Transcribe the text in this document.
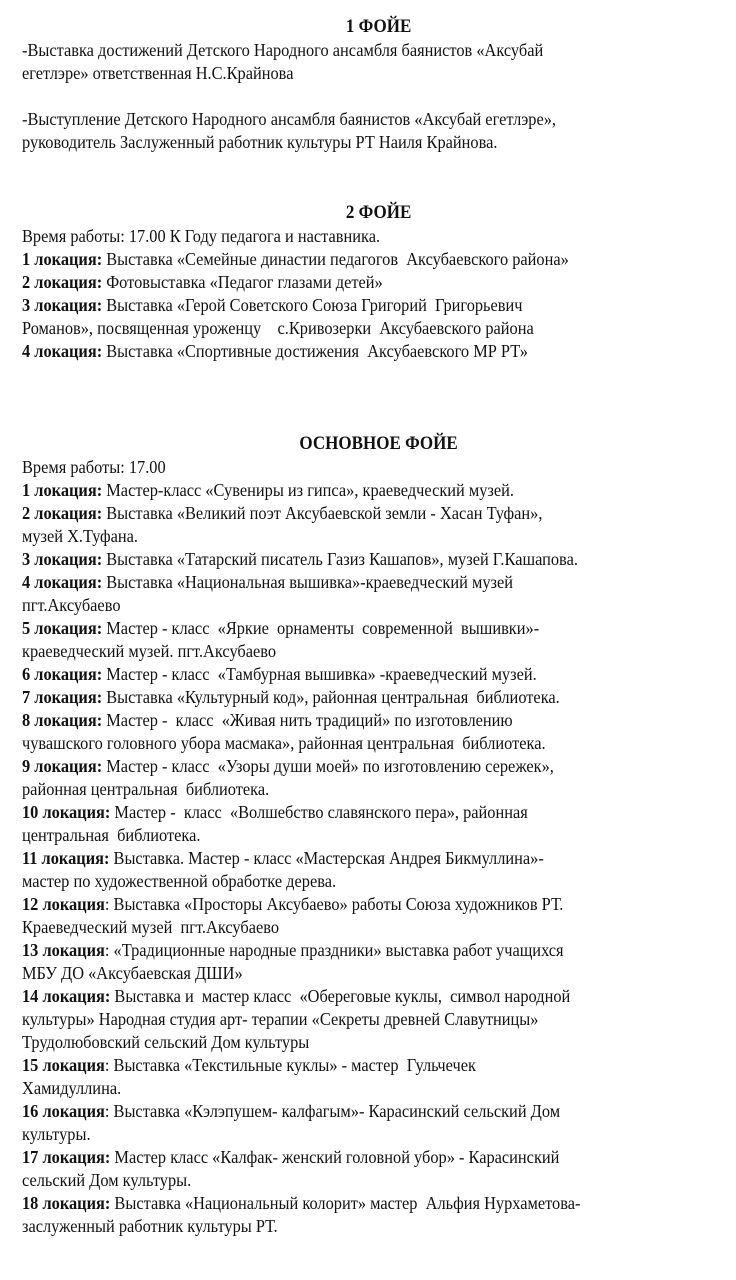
1 ФОЙЕ
-Выставка достижений Детского Народного ансамбля баянистов «Аксубай
егетлэре» ответственная Н.С.Крайнова
-Выступление Детского Народного ансамбля баянистов «Аксубай егетлэре»,
руководитель Заслуженный работник культуры РТ Наиля Крайнова.
2 ФОЙЕ
Время работы: 17.00 К Году педагога и наставника.
1 локация: Выставка «Семейные династии педагогов  Аксубаевского района»
2 локация: Фотовыставка «Педагог глазами детей»
3 локация: Выставка «Герой Советского Союза Григорий  Григорьевич
Романов», посвященная уроженцу    с.Кривозерки  Аксубаевского района
4 локация: Выставка «Спортивные достижения  Аксубаевского МР РТ»
ОСНОВНОЕ ФОЙЕ
Время работы: 17.00
1 локация: Мастер-класс «Сувениры из гипса», краеведческий музей.
2 локация: Выставка «Великий поэт Аксубаевской земли - Хасан Туфан»,
музей Х.Туфана.
3 локация: Выставка «Татарский писатель Газиз Кашапов», музей Г.Кашапова.
4 локация: Выставка «Национальная вышивка»-краеведческий музей
пгт.Аксубаево
5 локация: Мастер - класс  «Яркие  орнаменты  современной  вышивки»-
краеведческий музей. пгт.Аксубаево
6 локация: Мастер - класс  «Тамбурная вышивка» -краеведческий музей.
7 локация: Выставка «Культурный код», районная центральная  библиотека.
8 локация: Мастер -  класс  «Живая нить традиций» по изготовлению
чувашского головного убора масмака», районная центральная  библиотека.
9 локация: Мастер - класс  «Узоры души моей» по изготовлению сережек»,
районная центральная  библиотека.
10 локация: Мастер -  класс  «Волшебство славянского пера», районная
центральная  библиотека.
11 локация: Выставка. Мастер - класс «Мастерская Андрея Бикмуллина»-
мастер по художественной обработке дерева.
12 локация: Выставка «Просторы Аксубаево» работы Союза художников РТ.
Краеведческий музей  пгт.Аксубаево
13 локация: «Традиционные народные праздники» выставка работ учащихся
МБУ ДО «Аксубаевская ДШИ»
14 локация: Выставка и  мастер класс  «Обереговые куклы,  символ народной
культуры» Народная студия арт- терапии «Секреты древней Славутницы»
Трудолюбовский сельский Дом культуры
15 локация: Выставка «Текстильные куклы» - мастер  Гульчечек
Хамидуллина.
16 локация: Выставка «Кэлэпушем- калфагым»- Карасинский сельский Дом
культуры.
17 локация: Мастер класс «Калфак- женский головной убор» - Карасинский
сельский Дом культуры.
18 локация: Выставка «Национальный колорит» мастер  Альфия Нурхаметова-
заслуженный работник культуры РТ.
